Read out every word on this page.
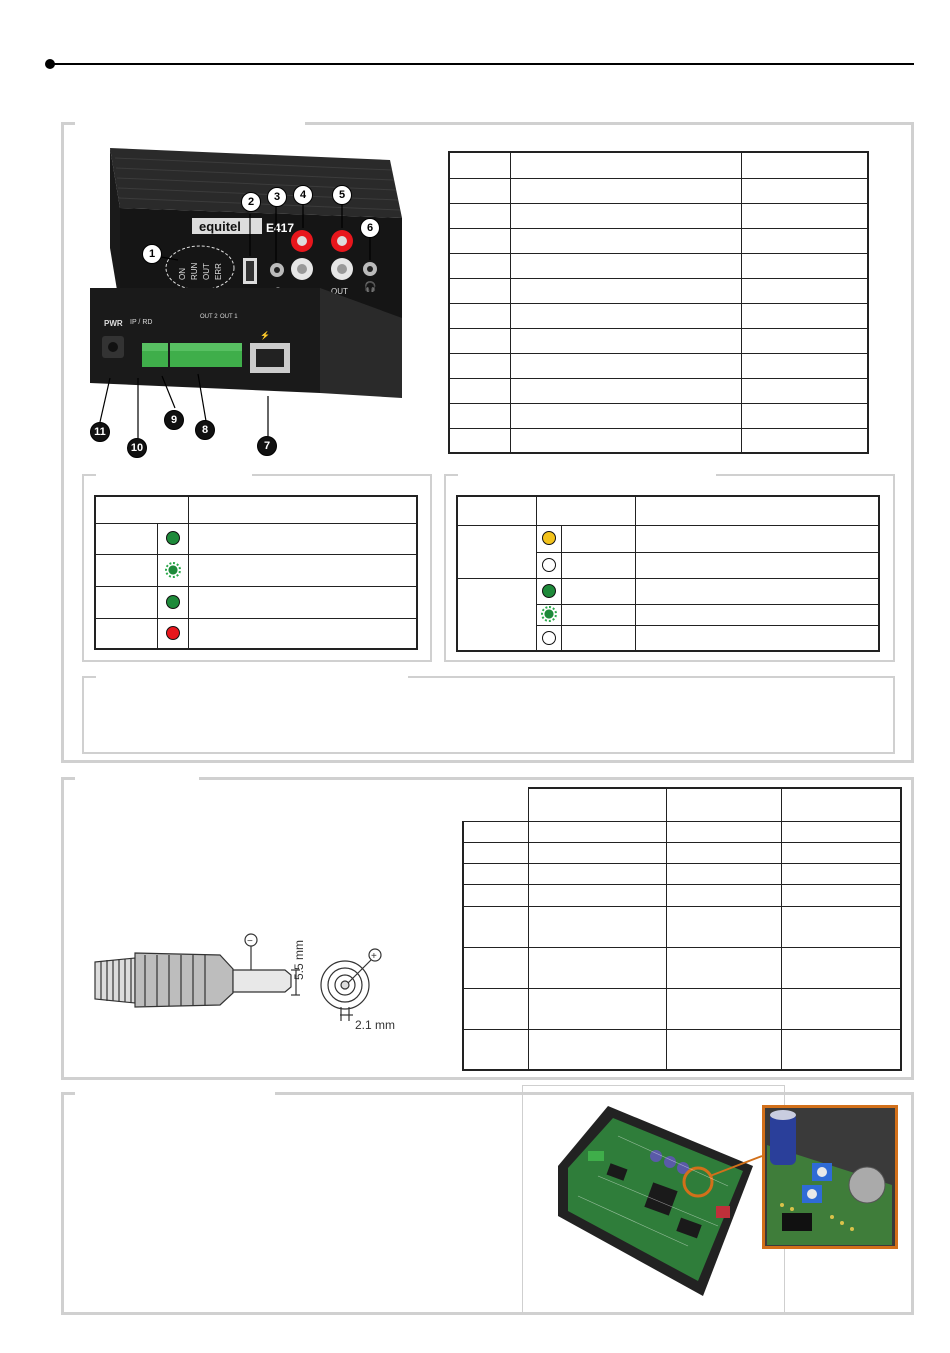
equitel E417
ON RUN OUT ERR
OUT 🎧
PWR IP / RD
OUT 2 OUT 1
⚡
1
2	3	4	5
6
7
8
9
10
11

−
+
5.5 mm
2.1 mm
